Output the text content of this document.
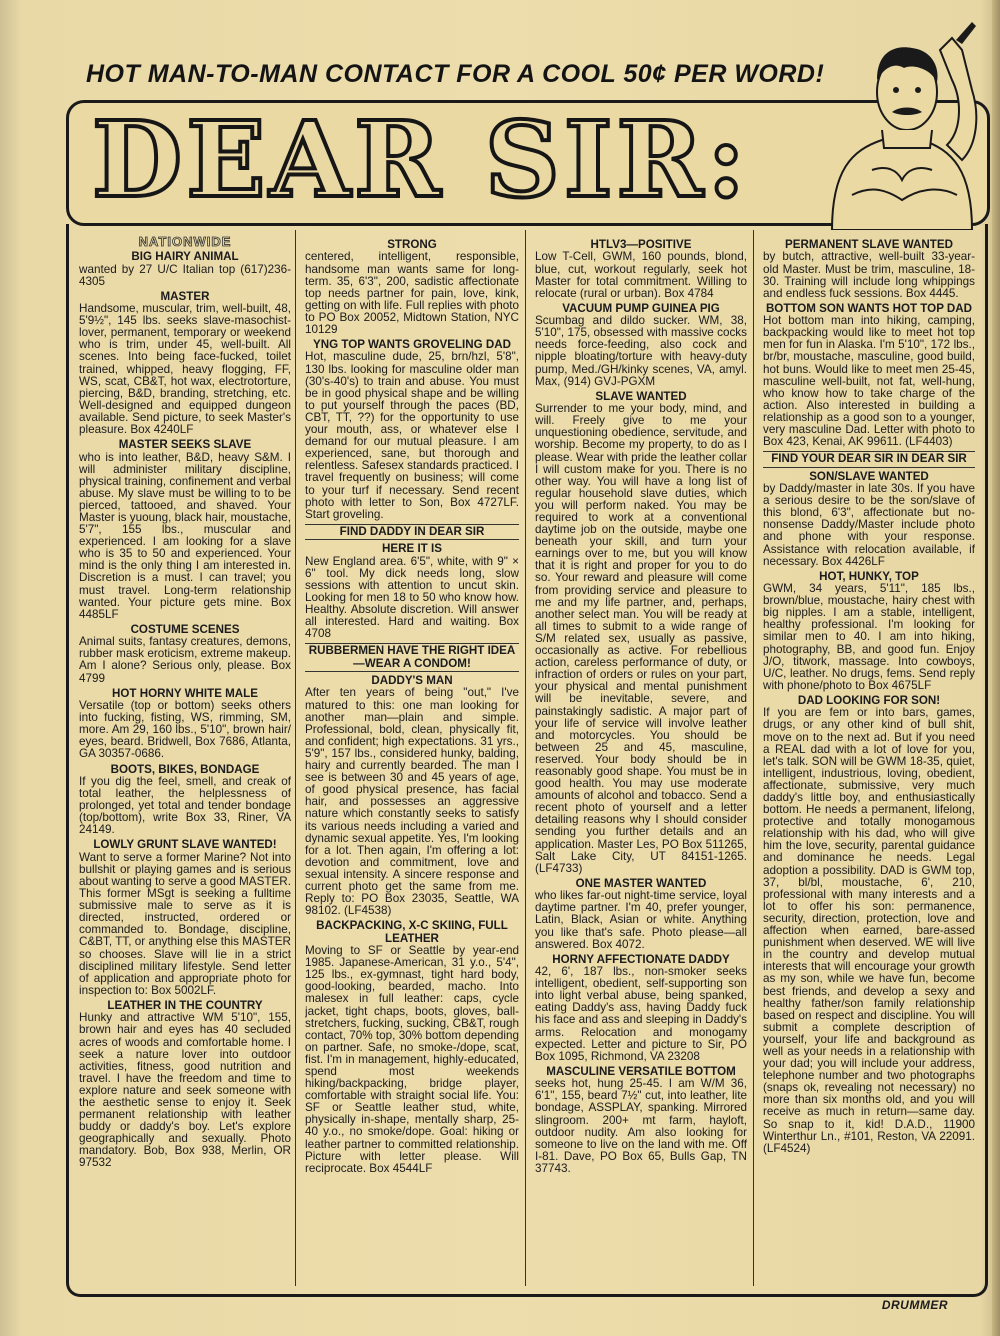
HOT MAN-TO-MAN CONTACT FOR A COOL 50¢ PER WORD!
DEAR SIR:
NATIONWIDE
BIG HAIRY ANIMAL
wanted by 27 U/C Italian top (617)236-4305
MASTER
Handsome, muscular, trim, well-built, 48, 5'9½", 145 lbs. seeks slave-masochist-lover, permanent, temporary or weekend who is trim, under 45, well-built. All scenes. Into being face-fucked, toilet trained, whipped, heavy flogging, FF, WS, scat, CB&T, hot wax, electrotorture, piercing, B&D, branding, stretching, etc. Well-designed and equipped dungeon available. Send picture, to seek Master's pleasure. Box 4240LF
MASTER SEEKS SLAVE
who is into leather, B&D, heavy S&M. I will administer military discipline, physical training, confinement and verbal abuse. My slave must be willing to to be pierced, tattooed, and shaved. Your Master is yuoung, black hair, moustache, 5'7", 155 lbs., muscular and experienced. I am looking for a slave who is 35 to 50 and experienced. Your mind is the only thing I am interested in. Discretion is a must. I can travel; you must travel. Long-term relationship wanted. Your picture gets mine. Box 4485LF
COSTUME SCENES
Animal suits, fantasy creatures, demons, rubber mask eroticism, extreme makeup. Am I alone? Serious only, please. Box 4799
HOT HORNY WHITE MALE
Versatile (top or bottom) seeks others into fucking, fisting, WS, rimming, SM, more. Am 29, 160 lbs., 5'10", brown hair/ eyes, beard. Bridwell, Box 7686, Atlanta, GA 30357-0686.
BOOTS, BIKES, BONDAGE
If you dig the feel, smell, and creak of total leather, the helplessness of prolonged, yet total and tender bondage (top/bottom), write Box 33, Riner, VA 24149.
LOWLY GRUNT SLAVE WANTED!
Want to serve a former Marine? Not into bullshit or playing games and is serious about wanting to serve a good MASTER. This former MSgt is seeking a fulltime submissive male to serve as it is directed, instructed, ordered or commanded to. Bondage, discipline, C&BT, TT, or anything else this MASTER so chooses. Slave will lie in a strict disciplined military lifestyle. Send letter of application and appropriate photo for inspection to: Box 5002LF.
LEATHER IN THE COUNTRY
Hunky and attractive WM 5'10", 155, brown hair and eyes has 40 secluded acres of woods and comfortable home. I seek a nature lover into outdoor activities, fitness, good nutrition and travel. I have the freedom and time to explore nature and seek someone with the aesthetic sense to enjoy it. Seek permanent relationship with leather buddy or daddy's boy. Let's explore geographically and sexually. Photo mandatory. Bob, Box 938, Merlin, OR 97532
STRONG
centered, intelligent, responsible, handsome man wants same for long-term. 35, 6'3", 200, sadistic affectionate top needs partner for pain, love, kink, getting on with life. Full replies with photo to PO Box 20052, Midtown Station, NYC 10129
YNG TOP WANTS GROVELING DAD
Hot, masculine dude, 25, brn/hzl, 5'8", 130 lbs. looking for masculine older man (30's-40's) to train and abuse. You must be in good physical shape and be willing to put yourself through the paces (BD, CBT, TT, ??) for the opportunity to use your mouth, ass, or whatever else I demand for our mutual pleasure. I am experienced, sane, but thorough and relentless. Safesex standards practiced. I travel frequently on business; will come to your turf if necessary. Send recent photo with letter to Son, Box 4727LF. Start groveling.
FIND DADDY IN DEAR SIR
HERE IT IS
New England area. 6'5", white, with 9" × 6" tool. My dick needs long, slow sessions with attention to uncut skin. Looking for men 18 to 50 who know how. Healthy. Absolute discretion. Will answer all interested. Hard and waiting. Box 4708
RUBBERMEN HAVE THE RIGHT IDEA—WEAR A CONDOM!
DADDY'S MAN
After ten years of being "out," I've matured to this: one man looking for another man—plain and simple. Professional, bold, clean, physically fit, and confident; high expectations. 31 yrs., 5'9", 157 lbs., considered hunky, balding, hairy and currently bearded. The man I see is between 30 and 45 years of age, of good physical presence, has facial hair, and possesses an aggressive nature which constantly seeks to satisfy its various needs including a varied and dynamic sexual appetite. Yes, I'm looking for a lot. Then again, I'm offering a lot: devotion and commitment, love and sexual intensity. A sincere response and current photo get the same from me. Reply to: PO Box 23035, Seattle, WA 98102. (LF4538)
BACKPACKING, X-C SKIING, FULL LEATHER
Moving to SF or Seattle by year-end 1985. Japanese-American, 31 y.o., 5'4", 125 lbs., ex-gymnast, tight hard body, good-looking, bearded, macho. Into malesex in full leather: caps, cycle jacket, tight chaps, boots, gloves, ball-stretchers, fucking, sucking, CB&T, rough contact, 70% top, 30% bottom depending on partner. Safe, no smoke-/dope, scat, fist. I'm in management, highly-educated, spend most weekends hiking/backpacking, bridge player, comfortable with straight social life. You: SF or Seattle leather stud, white, physically in-shape, mentally sharp, 25-40 y.o., no smoke/dope. Goal: hiking or leather partner to committed relationship. Picture with letter please. Will reciprocate. Box 4544LF
HTLV3—POSITIVE
Low T-Cell, GWM, 160 pounds, blond, blue, cut, workout regularly, seek hot Master for total commitment. Willing to relocate (rural or urban). Box 4784
VACUUM PUMP GUINEA PIG
Scumbag and dildo sucker. WM, 38, 5'10", 175, obsessed with massive cocks needs force-feeding, also cock and nipple bloating/torture with heavy-duty pump, Med./GH/kinky scenes, VA, amyl. Max, (914) GVJ-PGXM
SLAVE WANTED
Surrender to me your body, mind, and will. Freely give to me your unquestioning obedience, servitude, and worship. Become my property, to do as I please. Wear with pride the leather collar I will custom make for you. There is no other way. You will have a long list of regular household slave duties, which you will perform naked. You may be required to work at a conventional daytime job on the outside, maybe one beneath your skill, and turn your earnings over to me, but you will know that it is right and proper for you to do so. Your reward and pleasure will come from providing service and pleasure to me and my life partner, and, perhaps, another select man. You will be ready at all times to submit to a wide range of S/M related sex, usually as passive, occasionally as active. For rebellious action, careless performance of duty, or infraction of orders or rules on your part, your physical and mental punishment will be inevitable, severe, and painstakingly sadistic. A major part of your life of service will involve leather and motorcycles. You should be between 25 and 45, masculine, reserved. Your body should be in reasonably good shape. You must be in good health. You may use moderate amounts of alcohol and tobacco. Send a recent photo of yourself and a letter detailing reasons why I should consider sending you further details and an application. Master Les, PO Box 511265, Salt Lake City, UT 84151-1265. (LF4733)
ONE MASTER WANTED
who likes far-out night-time service, loyal daytime partner. I'm 40, prefer younger, Latin, Black, Asian or white. Anything you like that's safe. Photo please—all answered. Box 4072.
HORNY AFFECTIONATE DADDY
42, 6', 187 lbs., non-smoker seeks intelligent, obedient, self-supporting son into light verbal abuse, being spanked, eating Daddy's ass, having Daddy fuck his face and ass and sleeping in Daddy's arms. Relocation and monogamy expected. Letter and picture to Sir, PO Box 1095, Richmond, VA 23208
MASCULINE VERSATILE BOTTOM
seeks hot, hung 25-45. I am W/M 36, 6'1", 155, beard 7½" cut, into leather, lite bondage, ASSPLAY, spanking. Mirrored slingroom. 200+ mt farm, hayloft, outdoor nudity. Am also looking for someone to live on the land with me. Off I-81. Dave, PO Box 65, Bulls Gap, TN 37743.
PERMANENT SLAVE WANTED
by butch, attractive, well-built 33-year-old Master. Must be trim, masculine, 18-30. Training will include long whippings and endless fuck sessions. Box 4445.
BOTTOM SON WANTS HOT TOP DAD
Hot bottom man into hiking, camping, backpacking would like to meet hot top men for fun in Alaska. I'm 5'10", 172 lbs., br/br, moustache, masculine, good build, hot buns. Would like to meet men 25-45, masculine well-built, not fat, well-hung, who know how to take charge of the action. Also interested in building a relationship as a good son to a younger, very masculine Dad. Letter with photo to Box 423, Kenai, AK 99611. (LF4403)
FIND YOUR DEAR SIR IN DEAR SIR
SON/SLAVE WANTED
by Daddy/master in late 30s. If you have a serious desire to be the son/slave of this blond, 6'3", affectionate but no-nonsense Daddy/Master include photo and phone with your response. Assistance with relocation available, if necessary. Box 4426LF
HOT, HUNKY, TOP
GWM, 34 years, 5'11", 185 lbs., brown/blue, moustache, hairy chest with big nipples. I am a stable, intelligent, healthy professional. I'm looking for similar men to 40. I am into hiking, photography, BB, and good fun. Enjoy J/O, titwork, massage. Into cowboys, U/C, leather. No drugs, fems. Send reply with phone/photo to Box 4675LF
DAD LOOKING FOR SON!
If you are fem or into bars, games, drugs, or any other kind of bull shit, move on to the next ad. But if you need a REAL dad with a lot of love for you, let's talk. SON will be GWM 18-35, quiet, intelligent, industrious, loving, obedient, affectionate, submissive, very much daddy's little boy, and enthusiastically bottom. He needs a permanent, lifelong, protective and totally monogamous relationship with his dad, who will give him the love, security, parental guidance and dominance he needs. Legal adoption a possibility. DAD is GWM top, 37, bl/bl, moustache, 6', 210, professional with many interests and a lot to offer his son: permanence, security, direction, protection, love and affection when earned, bare-assed punishment when deserved. WE will live in the country and develop mutual interests that will encourage your growth as my son, while we have fun, become best friends, and develop a sexy and healthy father/son family relationship based on respect and discipline. You will submit a complete description of yourself, your life and background as well as your needs in a relationship with your dad; you will include your address, telephone number and two photographs (snaps ok, revealing not necessary) no more than six months old, and you will receive as much in return—same day. So snap to it, kid! D.A.D., 11900 Winterthur Ln., #101, Reston, VA 22091. (LF4524)
DRUMMER
